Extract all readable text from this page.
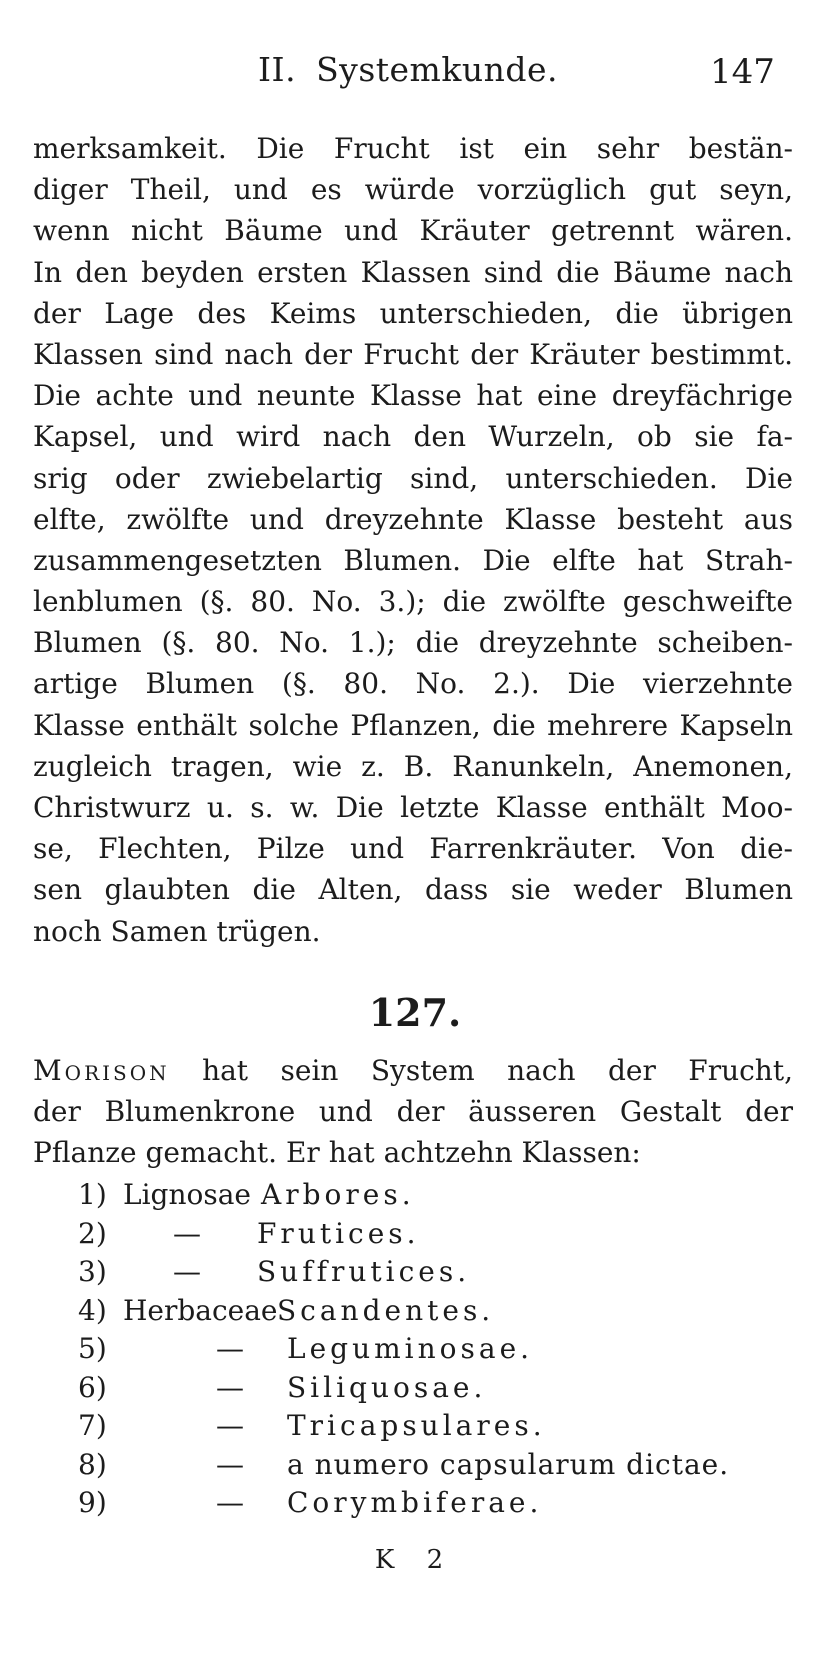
II. Systemkunde.	147
merksamkeit. Die Frucht ist ein sehr bestän-
diger Theil, und es würde vorzüglich gut seyn,
wenn nicht Bäume und Kräuter getrennt wären.
In den beyden ersten Klassen sind die Bäume nach
der Lage des Keims unterschieden, die übrigen
Klassen sind nach der Frucht der Kräuter bestimmt.
Die achte und neunte Klasse hat eine dreyfächrige
Kapsel, und wird nach den Wurzeln, ob sie fa-
srig oder zwiebelartig sind, unterschieden. Die
elfte, zwölfte und dreyzehnte Klasse besteht aus
zusammengesetzten Blumen. Die elfte hat Strah-
lenblumen (§. 80. No. 3.); die zwölfte geschweifte
Blumen (§. 80. No. 1.); die dreyzehnte scheiben-
artige Blumen (§. 80. No. 2.). Die vierzehnte
Klasse enthält solche Pflanzen, die mehrere Kapseln
zugleich tragen, wie z. B. Ranunkeln, Anemonen,
Christwurz u. s. w. Die letzte Klasse enthält Moo-
se, Flechten, Pilze und Farrenkräuter. Von die-
sen glaubten die Alten, dass sie weder Blumen
noch Samen trügen.
127.
Morison hat sein System nach der Frucht,
der Blumenkrone und der äusseren Gestalt der
Pflanze gemacht. Er hat achtzehn Klassen:
1) Lignosae Arbores.
2) — Frutices.
3) — Suffrutices.
4) Herbaceae Scandentes.
5)	— Leguminosae.
6)	— Siliquosae.
7)	— Tricapsulares.
8)	— a numero capsularum dictae.
9)	— Corymbiferae.
K 2
